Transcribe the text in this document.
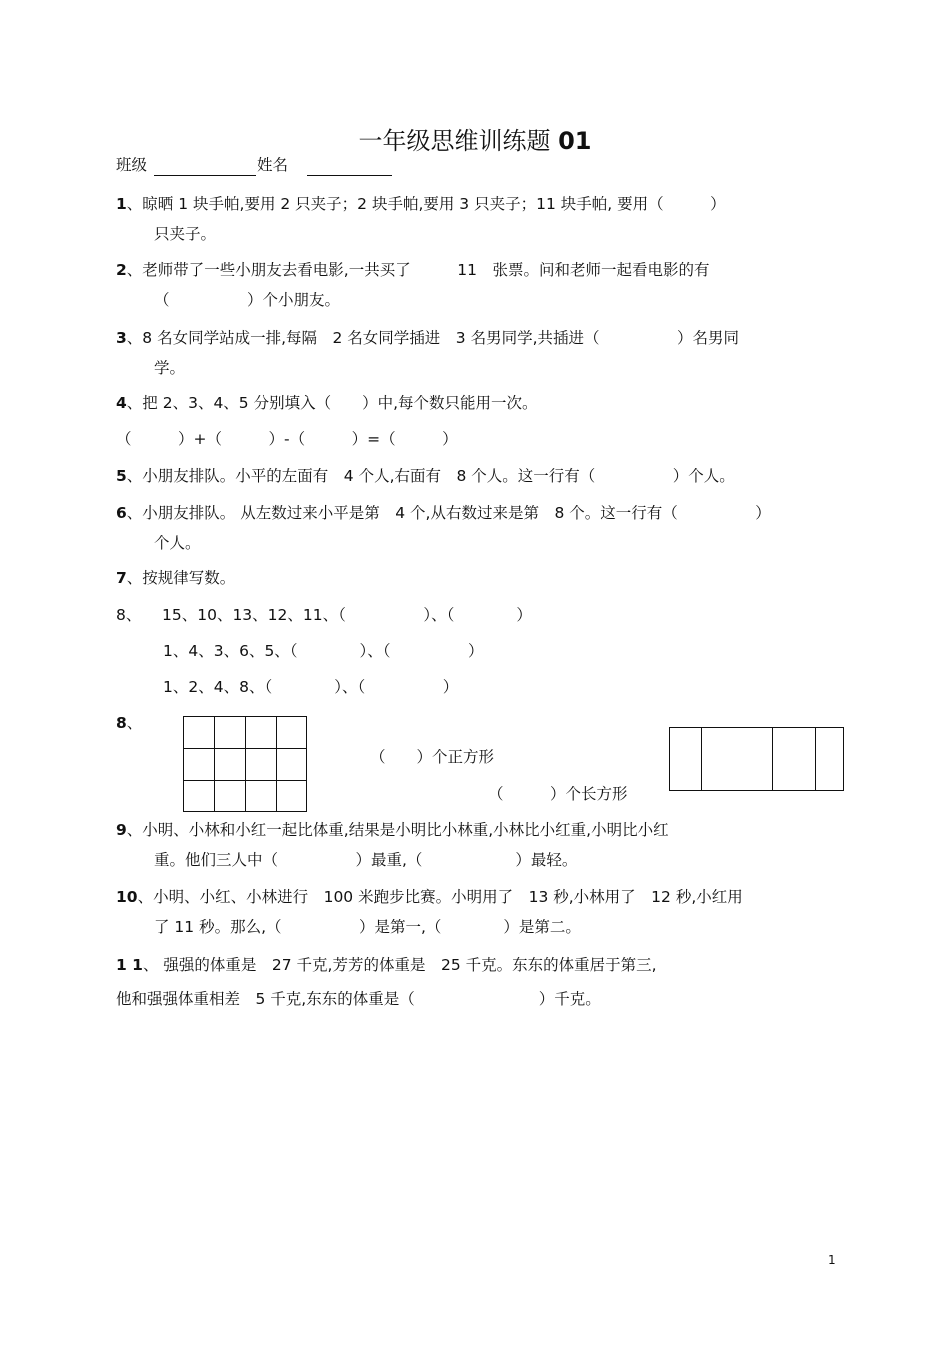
一年级思维训练题 01
班级	姓名
1、晾晒 1 块手帕,要用 2 只夹子；2 块手帕,要用 3 只夹子；11 块手帕, 要用（　　　）
只夹子。
2、老师带了一些小朋友去看电影,一共买了　　　11　张票。问和老师一起看电影的有
（　　　　　）个小朋友。
3、8 名女同学站成一排,每隔　2 名女同学插进　3 名男同学,共插进（　　　　　）名男同
学。
4、把 2、3、4、5 分别填入（　　）中,每个数只能用一次。
（　　　）+（　　　）-（　　　）=（　　　）
5、小朋友排队。小平的左面有　4 个人,右面有　8 个人。这一行有（　　　　　）个人。
6、小朋友排队。 从左数过来小平是第　4 个,从右数过来是第　8 个。这一行有（　　　　　）
个人。
7、按规律写数。
8、 15、10、13、12、11、（　　　　　）、（　　　　）
1、4、3、6、5、（　　　　）、（　　　　　）
1、2、4、8、（　　　　）、（　　　　　）
8、
（　　）个正方形
（　　　）个长方形
9、小明、小林和小红一起比体重,结果是小明比小林重,小林比小红重,小明比小红
重。他们三人中（　　　　　）最重,（　　　　　　）最轻。
10、小明、小红、小林进行　100 米跑步比赛。小明用了　13 秒,小林用了　12 秒,小红用
了 11 秒。那么,（　　　　　）是第一,（　　　　）是第二。
1 1、 强强的体重是　27 千克,芳芳的体重是　25 千克。东东的体重居于第三,
他和强强体重相差　5 千克,东东的体重是（　　　　　　　　）千克。
1
